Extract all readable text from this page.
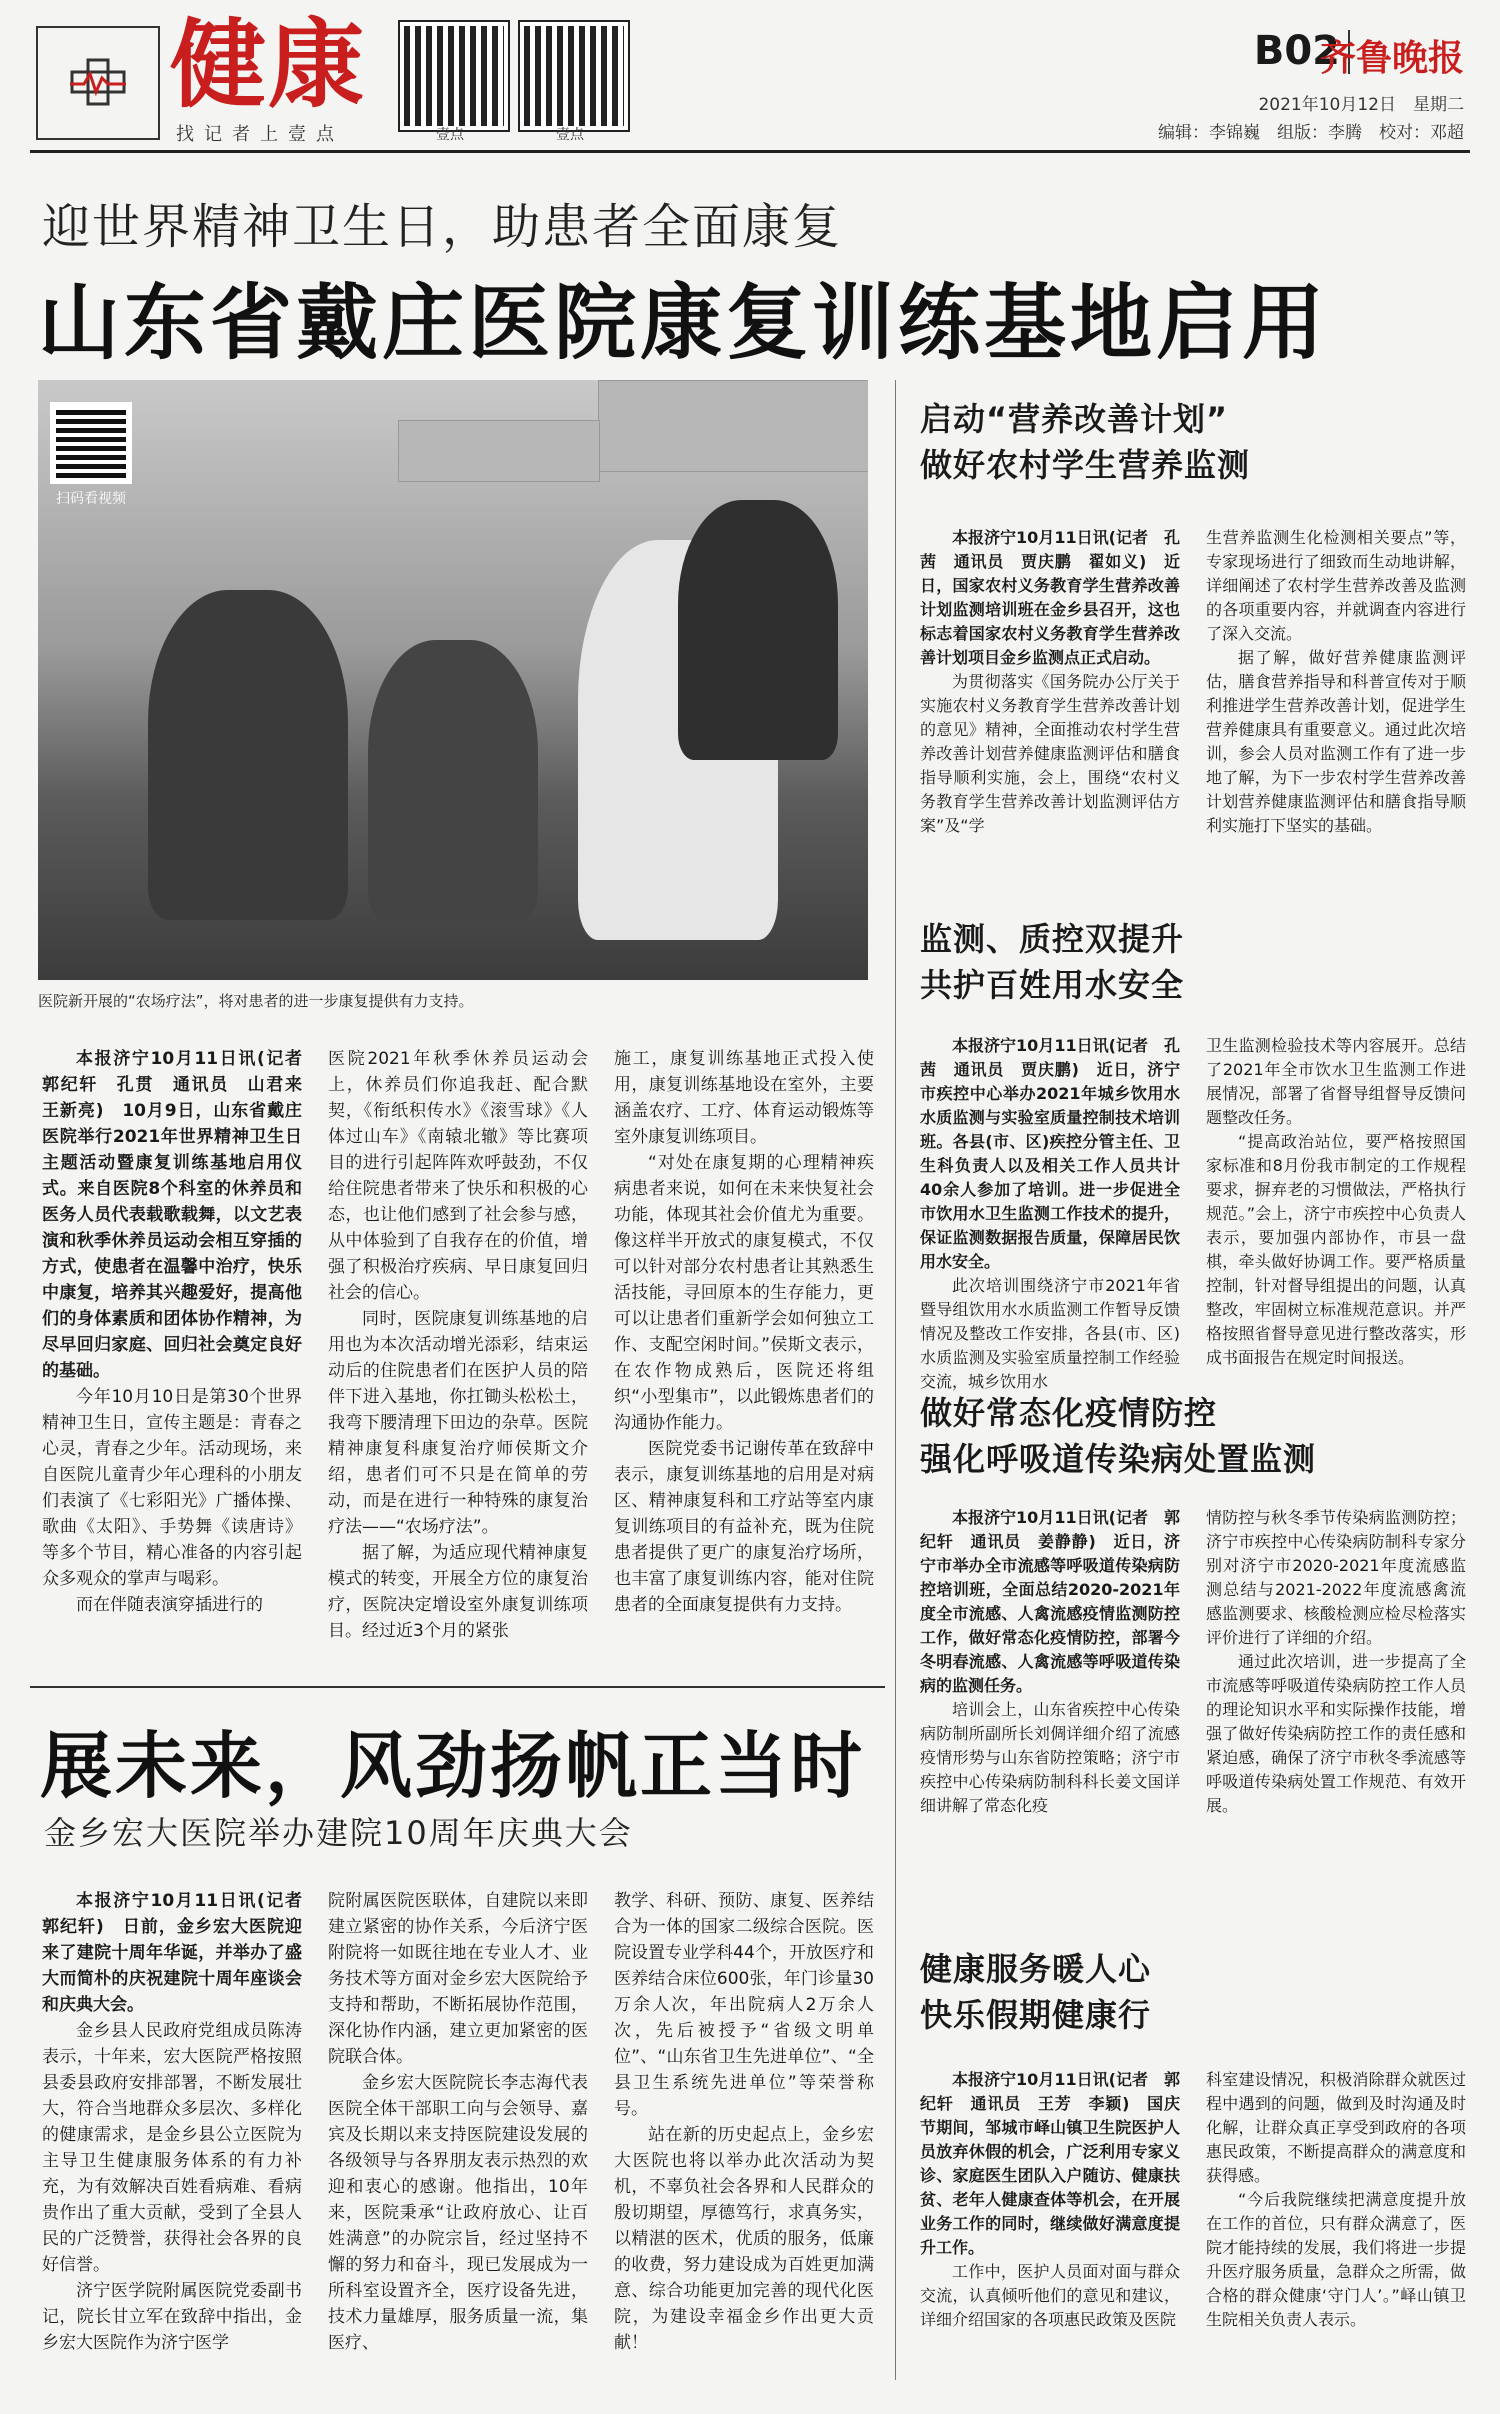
健康
找记者上壹点	壹点	壹点
B02
齐鲁晚报
2021年10月12日　星期二
编辑：李锦巍　组版：李腾　校对：邓超
迎世界精神卫生日，助患者全面康复
山东省戴庄医院康复训练基地启用
扫码看视频
医院新开展的“农场疗法”，将对患者的进一步康复提供有力支持。

本报济宁10月11日讯(记者　郭纪轩　孔贯　通讯员　山君来　王新亮)　10月9日，山东省戴庄医院举行2021年世界精神卫生日主题活动暨康复训练基地启用仪式。来自医院8个科室的休养员和医务人员代表载歌载舞，以文艺表演和秋季休养员运动会相互穿插的方式，使患者在温馨中治疗，快乐中康复，培养其兴趣爱好，提高他们的身体素质和团体协作精神，为尽早回归家庭、回归社会奠定良好的基础。

今年10月10日是第30个世界精神卫生日，宣传主题是：青春之心灵，青春之少年。活动现场，来自医院儿童青少年心理科的小朋友们表演了《七彩阳光》广播体操、歌曲《太阳》、手势舞《读唐诗》等多个节目，精心准备的内容引起众多观众的掌声与喝彩。

而在伴随表演穿插进行的

医院2021年秋季休养员运动会上，休养员们你追我赶、配合默契，《衔纸积传水》《滚雪球》《人体过山车》《南辕北辙》等比赛项目的进行引起阵阵欢呼鼓劲，不仅给住院患者带来了快乐和积极的心态，也让他们感到了社会参与感，从中体验到了自我存在的价值，增强了积极治疗疾病、早日康复回归社会的信心。

同时，医院康复训练基地的启用也为本次活动增光添彩，结束运动后的住院患者们在医护人员的陪伴下进入基地，你扛锄头松松土，我弯下腰清理下田边的杂草。医院精神康复科康复治疗师侯斯文介绍，患者们可不只是在简单的劳动，而是在进行一种特殊的康复治疗法——“农场疗法”。

据了解，为适应现代精神康复模式的转变，开展全方位的康复治疗，医院决定增设室外康复训练项目。经过近3个月的紧张

施工，康复训练基地正式投入使用，康复训练基地设在室外，主要涵盖农疗、工疗、体育运动锻炼等室外康复训练项目。

“对处在康复期的心理精神疾病患者来说，如何在未来快复社会功能，体现其社会价值尤为重要。像这样半开放式的康复模式，不仅可以针对部分农村患者让其熟悉生活技能，寻回原本的生存能力，更可以让患者们重新学会如何独立工作、支配空闲时间。”侯斯文表示，在农作物成熟后，医院还将组织“小型集市”，以此锻炼患者们的沟通协作能力。

医院党委书记谢传革在致辞中表示，康复训练基地的启用是对病区、精神康复科和工疗站等室内康复训练项目的有益补充，既为住院患者提供了更广的康复治疗场所，也丰富了康复训练内容，能对住院患者的全面康复提供有力支持。

展未来，风劲扬帆正当时
金乡宏大医院举办建院10周年庆典大会

本报济宁10月11日讯(记者　郭纪轩)　日前，金乡宏大医院迎来了建院十周年华诞，并举办了盛大而简朴的庆祝建院十周年座谈会和庆典大会。

金乡县人民政府党组成员陈涛表示，十年来，宏大医院严格按照县委县政府安排部署，不断发展壮大，符合当地群众多层次、多样化的健康需求，是金乡县公立医院为主导卫生健康服务体系的有力补充，为有效解决百姓看病难、看病贵作出了重大贡献，受到了全县人民的广泛赞誉，获得社会各界的良好信誉。

济宁医学院附属医院党委副书记，院长甘立军在致辞中指出，金乡宏大医院作为济宁医学

院附属医院医联体，自建院以来即建立紧密的协作关系，今后济宁医附院将一如既往地在专业人才、业务技术等方面对金乡宏大医院给予支持和帮助，不断拓展协作范围，深化协作内涵，建立更加紧密的医院联合体。

金乡宏大医院院长李志海代表医院全体干部职工向与会领导、嘉宾及长期以来支持医院建设发展的各级领导与各界朋友表示热烈的欢迎和衷心的感谢。他指出，10年来，医院秉承“让政府放心、让百姓满意”的办院宗旨，经过坚持不懈的努力和奋斗，现已发展成为一所科室设置齐全，医疗设备先进，技术力量雄厚，服务质量一流，集医疗、

教学、科研、预防、康复、医养结合为一体的国家二级综合医院。医院设置专业学科44个，开放医疗和医养结合床位600张，年门诊量30万余人次，年出院病人2万余人次，先后被授予“省级文明单位”、“山东省卫生先进单位”、“全县卫生系统先进单位”等荣誉称号。

站在新的历史起点上，金乡宏大医院也将以举办此次活动为契机，不辜负社会各界和人民群众的殷切期望，厚德笃行，求真务实，以精湛的医术，优质的服务，低廉的收费，努力建设成为百姓更加满意、综合功能更加完善的现代化医院，为建设幸福金乡作出更大贡献！

启动“营养改善计划”
做好农村学生营养监测

本报济宁10月11日讯(记者　孔茜　通讯员　贾庆鹏　翟如义)　近日，国家农村义务教育学生营养改善计划监测培训班在金乡县召开，这也标志着国家农村义务教育学生营养改善计划项目金乡监测点正式启动。

为贯彻落实《国务院办公厅关于实施农村义务教育学生营养改善计划的意见》精神，全面推动农村学生营养改善计划营养健康监测评估和膳食指导顺利实施，会上，围绕“农村义务教育学生营养改善计划监测评估方案”及“学

生营养监测生化检测相关要点”等，专家现场进行了细致而生动地讲解，详细阐述了农村学生营养改善及监测的各项重要内容，并就调查内容进行了深入交流。

据了解，做好营养健康监测评估，膳食营养指导和科普宣传对于顺利推进学生营养改善计划，促进学生营养健康具有重要意义。通过此次培训，参会人员对监测工作有了进一步地了解，为下一步农村学生营养改善计划营养健康监测评估和膳食指导顺利实施打下坚实的基础。

监测、质控双提升
共护百姓用水安全

本报济宁10月11日讯(记者　孔茜　通讯员　贾庆鹏)　近日，济宁市疾控中心举办2021年城乡饮用水水质监测与实验室质量控制技术培训班。各县(市、区)疾控分管主任、卫生科负责人以及相关工作人员共计40余人参加了培训。进一步促进全市饮用水卫生监测工作技术的提升，保证监测数据报告质量，保障居民饮用水安全。

此次培训围绕济宁市2021年省暨导组饮用水水质监测工作暂导反馈情况及整改工作安排，各县(市、区)水质监测及实验室质量控制工作经验交流，城乡饮用水

卫生监测检验技术等内容展开。总结了2021年全市饮水卫生监测工作进展情况，部署了省督导组督导反馈问题整改任务。

“提高政治站位，要严格按照国家标准和8月份我市制定的工作规程要求，摒弃老的习惯做法，严格执行规范。”会上，济宁市疾控中心负责人表示，要加强内部协作，市县一盘棋，牵头做好协调工作。要严格质量控制，针对督导组提出的问题，认真整改，牢固树立标准规范意识。并严格按照省督导意见进行整改落实，形成书面报告在规定时间报送。

做好常态化疫情防控
强化呼吸道传染病处置监测

本报济宁10月11日讯(记者　郭纪轩　通讯员　姜静静)　近日，济宁市举办全市流感等呼吸道传染病防控培训班，全面总结2020-2021年度全市流感、人禽流感疫情监测防控工作，做好常态化疫情防控，部署今冬明春流感、人禽流感等呼吸道传染病的监测任务。

培训会上，山东省疾控中心传染病防制所副所长刘倜详细介绍了流感疫情形势与山东省防控策略；济宁市疾控中心传染病防制科科长姜文国详细讲解了常态化疫

情防控与秋冬季节传染病监测防控；济宁市疾控中心传染病防制科专家分别对济宁市2020-2021年度流感监测总结与2021-2022年度流感禽流感监测要求、核酸检测应检尽检落实评价进行了详细的介绍。

通过此次培训，进一步提高了全市流感等呼吸道传染病防控工作人员的理论知识水平和实际操作技能，增强了做好传染病防控工作的责任感和紧迫感，确保了济宁市秋冬季流感等呼吸道传染病处置工作规范、有效开展。

健康服务暖人心
快乐假期健康行

本报济宁10月11日讯(记者　郭纪轩　通讯员　王芳　李颖)　国庆节期间，邹城市峄山镇卫生院医护人员放弃休假的机会，广泛利用专家义诊、家庭医生团队入户随访、健康扶贫、老年人健康查体等机会，在开展业务工作的同时，继续做好满意度提升工作。

工作中，医护人员面对面与群众交流，认真倾听他们的意见和建议，详细介绍国家的各项惠民政策及医院

科室建设情况，积极消除群众就医过程中遇到的问题，做到及时沟通及时化解，让群众真正享受到政府的各项惠民政策，不断提高群众的满意度和获得感。

“今后我院继续把满意度提升放在工作的首位，只有群众满意了，医院才能持续的发展，我们将进一步提升医疗服务质量，急群众之所需，做合格的群众健康‘守门人’。”峄山镇卫生院相关负责人表示。
